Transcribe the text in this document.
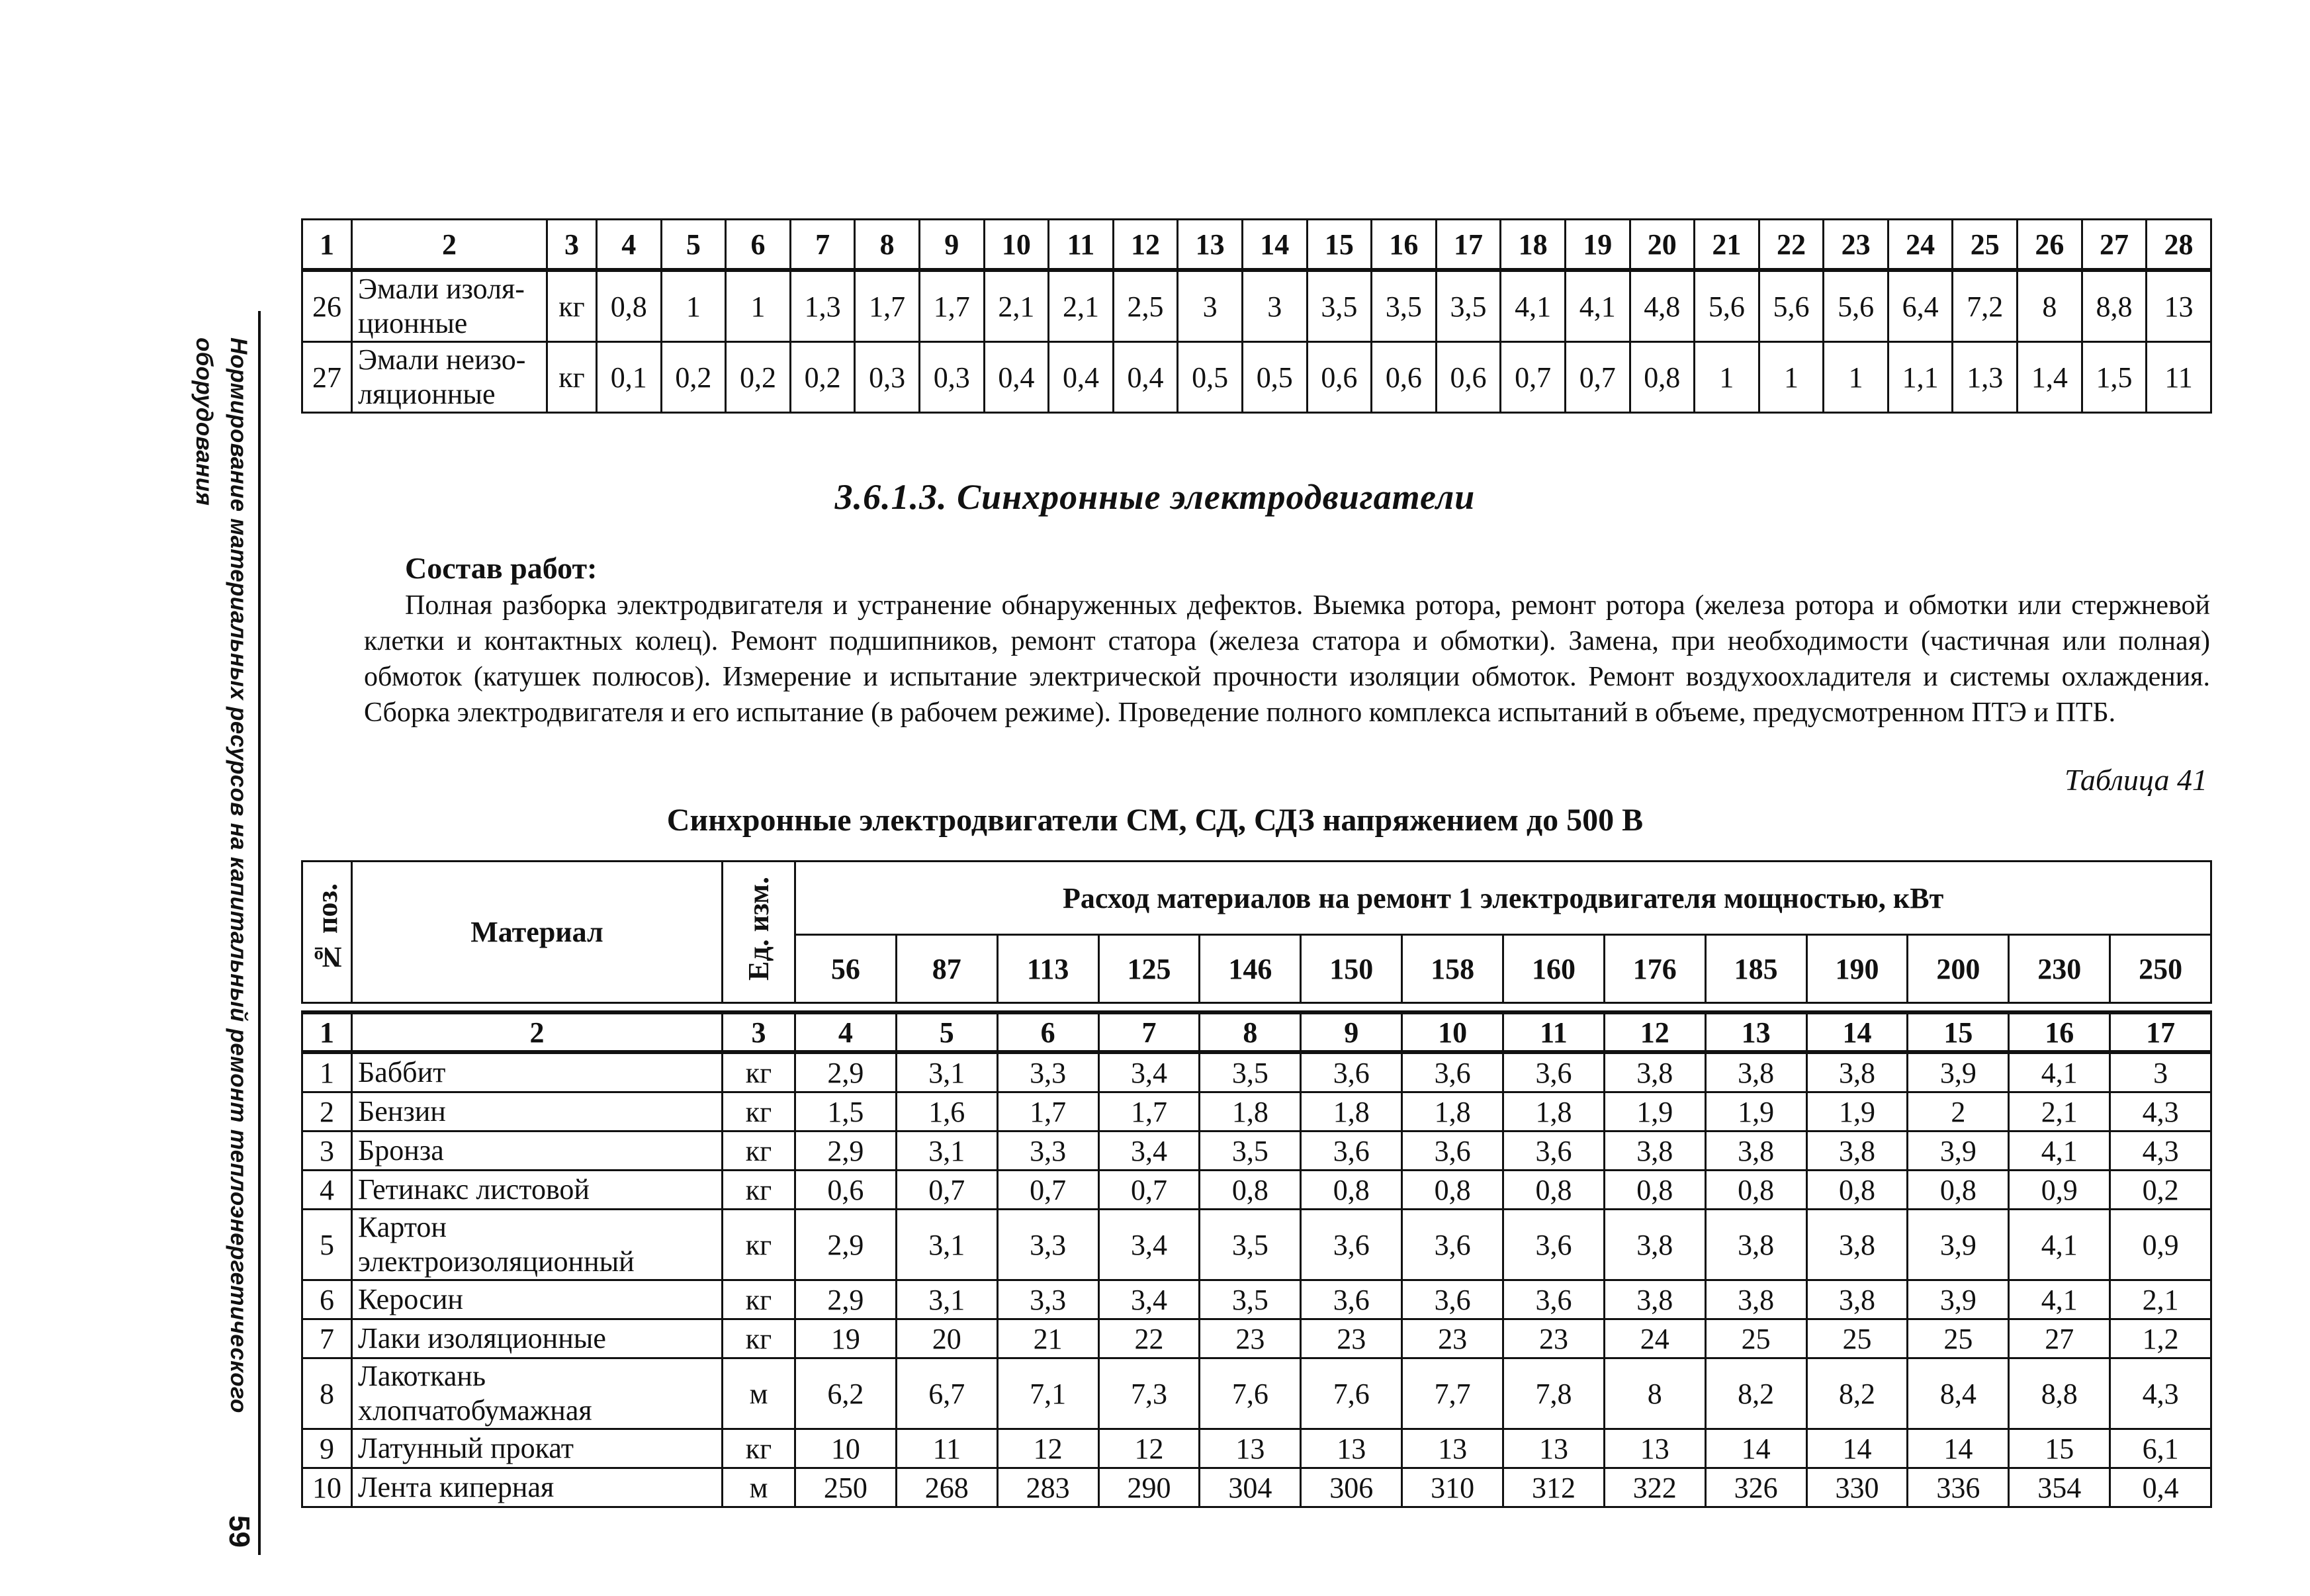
Нормирование материальных ресурсов на капитальный ремонт теплоэнергетического оборудования
59
1	2	3	4	5	6	7	8	9	10	11	12	13	14	15	16	17	18	19	20	21	22	23	24	25	26	27	28
26	Эмали изоля-ционные	кг	0,8	1	1	1,3	1,7	1,7	2,1	2,1	2,5	3	3	3,5	3,5	3,5	4,1	4,1	4,8	5,6	5,6	5,6	6,4	7,2	8	8,8	13
27	Эмали неизо-ляционные	кг	0,1	0,2	0,2	0,2	0,3	0,3	0,4	0,4	0,4	0,5	0,5	0,6	0,6	0,6	0,7	0,7	0,8	1	1	1	1,1	1,3	1,4	1,5	11
3.6.1.3. Синхронные электродвигатели
Состав работ:
Полная разборка электродвигателя и устранение обнаруженных дефектов. Выемка ротора, ремонт ротора (железа ротора и обмотки или стержневой клетки и контактных колец). Ремонт подшипников, ремонт статора (железа статора и обмотки). Замена, при необходимости (частичная или полная) обмоток (катушек полюсов). Измерение и испытание электрической прочности изоляции обмоток. Ремонт воздухоохладителя и системы охлаждения. Сборка электродвигателя и его испытание (в рабочем режиме). Проведение полного комплекса испытаний в объеме, предусмотренном ПТЭ и ПТБ.
Таблица 41
Синхронные электродвигатели СМ, СД, СДЗ напряжением до 500 В
№ поз.	Материал	Ед. изм.	Расход материалов на ремонт 1 электродвигателя мощностью, кВт													
			56	87	113	125	146	150	158	160	176	185	190	200	230	250

1	2	3	4	5	6	7	8	9	10	11	12	13	14	15	16	17
1	Баббит	кг	2,9	3,1	3,3	3,4	3,5	3,6	3,6	3,6	3,8	3,8	3,8	3,9	4,1	3
2	Бензин	кг	1,5	1,6	1,7	1,7	1,8	1,8	1,8	1,8	1,9	1,9	1,9	2	2,1	4,3
3	Бронза	кг	2,9	3,1	3,3	3,4	3,5	3,6	3,6	3,6	3,8	3,8	3,8	3,9	4,1	4,3
4	Гетинакс листовой	кг	0,6	0,7	0,7	0,7	0,8	0,8	0,8	0,8	0,8	0,8	0,8	0,8	0,9	0,2
5	Картон электроизоляционный	кг	2,9	3,1	3,3	3,4	3,5	3,6	3,6	3,6	3,8	3,8	3,8	3,9	4,1	0,9
6	Керосин	кг	2,9	3,1	3,3	3,4	3,5	3,6	3,6	3,6	3,8	3,8	3,8	3,9	4,1	2,1
7	Лаки изоляционные	кг	19	20	21	22	23	23	23	23	24	25	25	25	27	1,2
8	Лакоткань хлопчатобумажная	м	6,2	6,7	7,1	7,3	7,6	7,6	7,7	7,8	8	8,2	8,2	8,4	8,8	4,3
9	Латунный прокат	кг	10	11	12	12	13	13	13	13	13	14	14	14	15	6,1
10	Лента киперная	м	250	268	283	290	304	306	310	312	322	326	330	336	354	0,4
